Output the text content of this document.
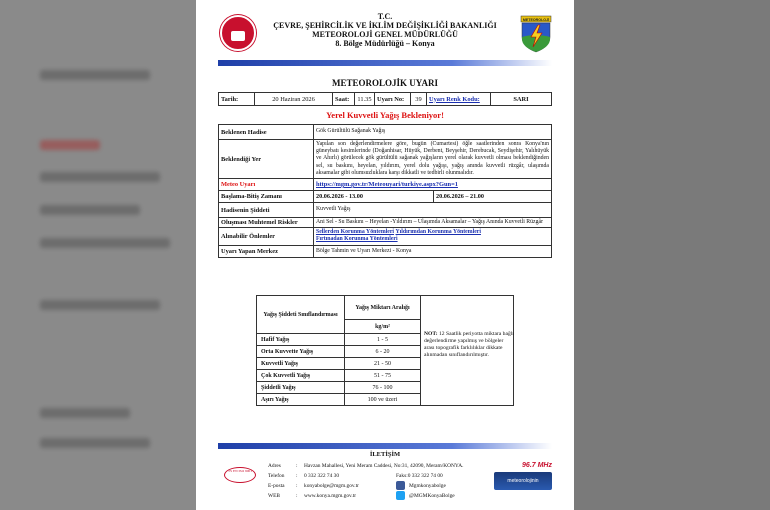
T.C.
ÇEVRE, ŞEHİRCİLİK VE İKLİM DEĞİŞİKLİĞİ BAKANLIĞI
METEOROLOJİ GENEL MÜDÜRLÜĞÜ
8. Bölge Müdürlüğü – Konya
METEOROLOJİ
METEOROLOJİK UYARI
Tarih:	20 Haziran 2026	Saat:	11.35	Uyarı No:	39	Uyarı Renk Kodu:	SARI
Yerel Kuvvetli Yağış Bekleniyor!
Beklenen Hadise	Gök Gürültülü Sağanak Yağış	
Beklendiği Yer	Yapılan son değerlendirmelere göre, bugün (Cumartesi) öğle saatlerinden sonra Konya'nın güneybatı kesimlerinde (Doğanhisar, Hüyük, Derbent, Beyşehir, Derebucak, Seydişehir, Yalıhüyük ve Ahırlı) görülecek gök gürültülü sağanak yağışların yerel olarak kuvvetli olması beklendiğinden sel, su baskını, heyelan, yıldırım, yerel dolu yağışı, yağış anında kuvvetli rüzgâr, ulaşımda aksamalar gibi olumsuzluklara karşı dikkatli ve tedbirli olunmalıdır.	
Meteo Uyarı	https://mgm.gov.tr/Meteouyari/turkiye.aspx?Gun=1	
Başlama-Bitiş Zamanı	20.06.2026 - 13.00	20.06.2026 – 21.00
Hadisenin Şiddeti	Kuvvetli Yağış	
Oluşması Muhtemel Riskler	Ani Sel - Su Baskını – Heyelan -Yıldırım – Ulaşımda Aksamalar – Yağış Anında Kuvvetli Rüzgâr	
Alınabilir Önlemler	Sellerden Korunma Yöntemleri Yıldırımdan Korunma Yöntemleri
Fırtınadan Korunma Yöntemleri	
Uyarı Yapan Merkez	Bölge Tahmin ve Uyarı Merkezi - Konya	
Yağış Şiddeti Sınıflandırması	Yağış Miktarı Aralığı	
	kg/m²	
Hafif Yağış	1 - 5	
Orta Kuvvette Yağış	6 - 20	
Kuvvetli Yağış	21 - 50	
Çok Kuvvetli Yağış	51 - 75	
Şiddetli Yağış	76 - 100	
Aşırı Yağış	100 ve üzeri	
NOT: 12 Saatlik periyotta miktara bağlı değerlendirme yapılmış ve bölgeler arası topografik farklılıklar dikkate alınmadan sınıflandırılmıştır.
İLETİŞİM
TS EN ISO 9001
Adres	:	Havzan Mahallesi, Yeni Meram Caddesi, No:31, 42090, Meram/KONYA.
Telefon	:	0 332 322 74 30
E-posta	:	konyabolge@mgm.gov.tr
WEB	:	www.konya.mgm.gov.tr
Faks:0 332 322 74 00
Mgmkonyabolge
@MGMKonyaBolge
96.7 MHz
meteorolojinin
